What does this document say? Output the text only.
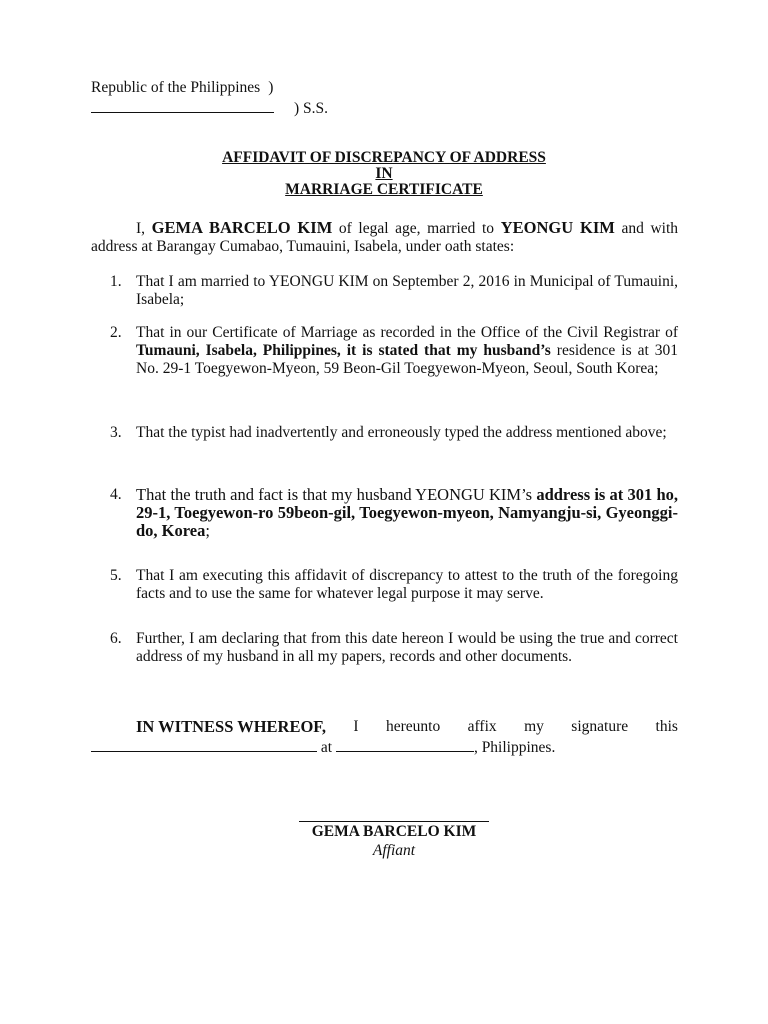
Republic of the Philippines )
) S.S.
AFFIDAVIT OF DISCREPANCY OF ADDRESS
IN
MARRIAGE CERTIFICATE
I, GEMA BARCELO KIM of legal age, married to YEONGU KIM and with address at Barangay Cumabao, Tumauini, Isabela, under oath states:
1. That I am married to YEONGU KIM on September 2, 2016 in Municipal of Tumauini, Isabela;
2. That in our Certificate of Marriage as recorded in the Office of the Civil Registrar of Tumauni, Isabela, Philippines, it is stated that my husband’s residence is at 301 No. 29-1 Toegyewon-Myeon, 59 Beon-Gil Toegyewon-Myeon, Seoul, South Korea;
3. That the typist had inadvertently and erroneously typed the address mentioned above;
4. That the truth and fact is that my husband YEONGU KIM’s address is at 301 ho, 29-1, Toegyewon-ro 59beon-gil, Toegyewon-myeon, Namyangju-si, Gyeonggi-do, Korea;
5. That I am executing this affidavit of discrepancy to attest to the truth of the foregoing facts and to use the same for whatever legal purpose it may serve.
6. Further, I am declaring that from this date hereon I would be using the true and correct address of my husband in all my papers, records and other documents.
IN WITNESS WHEREOF, I hereunto affix my signature this
at	, Philippines.
GEMA BARCELO KIM
Affiant
